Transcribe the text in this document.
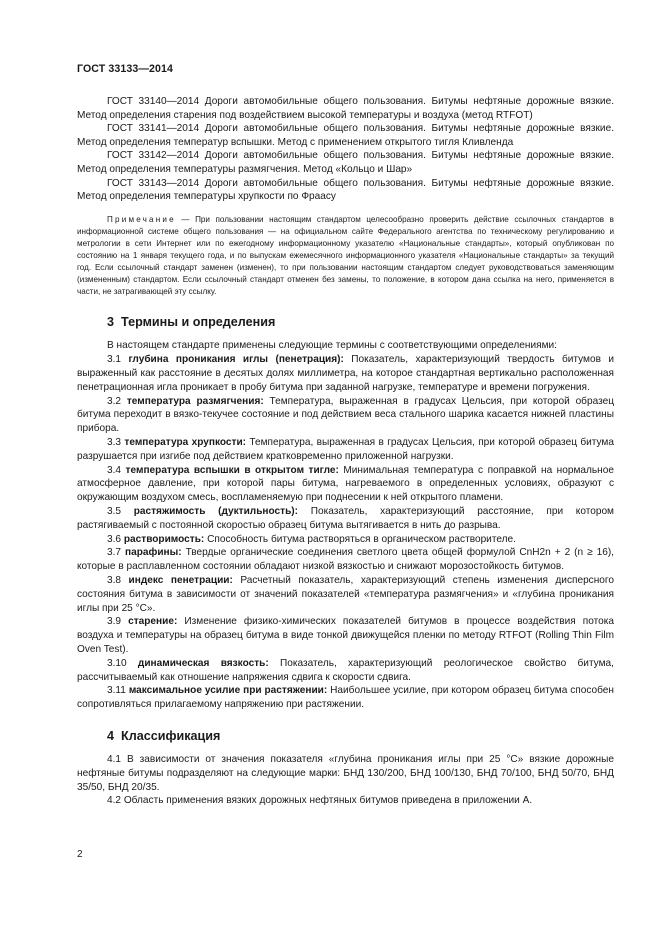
ГОСТ 33133—2014

ГОСТ 33140—2014 Дороги автомобильные общего пользования. Битумы нефтяные дорожные вязкие. Метод определения старения под воздействием высокой температуры и воздуха (метод RTFOT)

ГОСТ 33141—2014 Дороги автомобильные общего пользования. Битумы нефтяные дорожные вязкие. Метод определения температур вспышки. Метод с применением открытого тигля Кливленда

ГОСТ 33142—2014 Дороги автомобильные общего пользования. Битумы нефтяные дорожные вязкие. Метод определения температуры размягчения. Метод «Кольцо и Шар»

ГОСТ 33143—2014 Дороги автомобильные общего пользования. Битумы нефтяные дорожные вязкие. Метод определения температуры хрупкости по Фраасу

Примечание — При пользовании настоящим стандартом целесообразно проверить действие ссылочных стандартов в информационной системе общего пользования — на официальном сайте Федерального агентства по техническому регулированию и метрологии в сети Интернет или по ежегодному информационному указателю «Национальные стандарты», который опубликован по состоянию на 1 января текущего года, и по выпускам ежемесячного информационного указателя «Национальные стандарты» за текущий год. Если ссылочный стандарт заменен (изменен), то при пользовании настоящим стандартом следует руководствоваться заменяющим (измененным) стандартом. Если ссылочный стандарт отменен без замены, то положение, в котором дана ссылка на него, применяется в части, не затрагивающей эту ссылку.
3 Термины и определения

В настоящем стандарте применены следующие термины с соответствующими определениями:

3.1 глубина проникания иглы (пенетрация): Показатель, характеризующий твердость битумов и выраженный как расстояние в десятых долях миллиметра, на которое стандартная вертикально расположенная пенетрационная игла проникает в пробу битума при заданной нагрузке, температуре и времени погружения.

3.2 температура размягчения: Температура, выраженная в градусах Цельсия, при которой образец битума переходит в вязко-текучее состояние и под действием веса стального шарика касается нижней пластины прибора.

3.3 температура хрупкости: Температура, выраженная в градусах Цельсия, при которой образец битума разрушается при изгибе под действием кратковременно приложенной нагрузки.

3.4 температура вспышки в открытом тигле: Минимальная температура с поправкой на нормальное атмосферное давление, при которой пары битума, нагреваемого в определенных условиях, образуют с окружающим воздухом смесь, воспламеняемую при поднесении к ней открытого пламени.

3.5 растяжимость (дуктильность): Показатель, характеризующий расстояние, при котором растягиваемый с постоянной скоростью образец битума вытягивается в нить до разрыва.

3.6 растворимость: Способность битума растворяться в органическом растворителе.

3.7 парафины: Твердые органические соединения светлого цвета общей формулой CnH2n + 2 (n ≥ 16), которые в расплавленном состоянии обладают низкой вязкостью и снижают морозостойкость битумов.

3.8 индекс пенетрации: Расчетный показатель, характеризующий степень изменения дисперсного состояния битума в зависимости от значений показателей «температура размягчения» и «глубина проникания иглы при 25 °С».

3.9 старение: Изменение физико-химических показателей битумов в процессе воздействия потока воздуха и температуры на образец битума в виде тонкой движущейся пленки по методу RTFOT (Rolling Thin Film Oven Test).

3.10 динамическая вязкость: Показатель, характеризующий реологическое свойство битума, рассчитываемый как отношение напряжения сдвига к скорости сдвига.

3.11 максимальное усилие при растяжении: Наибольшее усилие, при котором образец битума способен сопротивляться прилагаемому напряжению при растяжении.

4 Классификация

4.1 В зависимости от значения показателя «глубина проникания иглы при 25 °С» вязкие дорожные нефтяные битумы подразделяют на следующие марки: БНД 130/200, БНД 100/130, БНД 70/100, БНД 50/70, БНД 35/50, БНД 20/35.

4.2 Область применения вязких дорожных нефтяных битумов приведена в приложении А.

2
